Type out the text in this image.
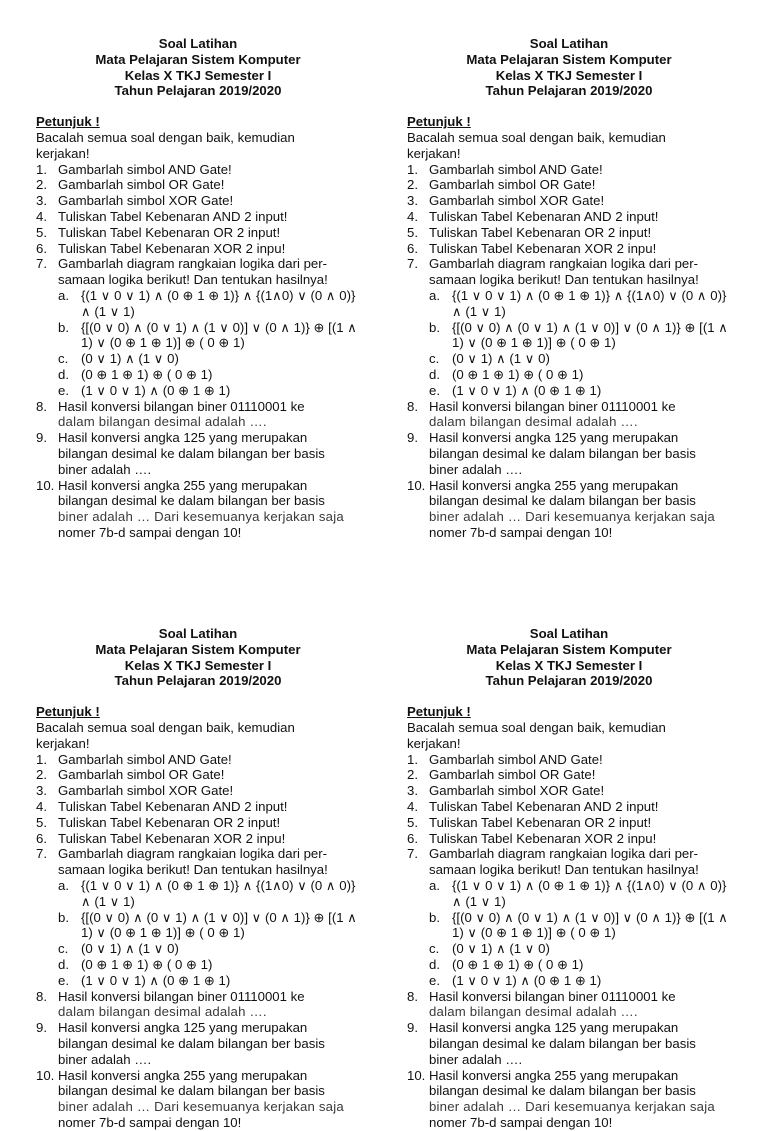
Soal Latihan
Mata Pelajaran Sistem Komputer
Kelas X TKJ Semester I
Tahun Pelajaran 2019/2020
Petunjuk !
Bacalah semua soal dengan baik, kemudian
kerjakan!
1. Gambarlah simbol AND Gate!
2. Gambarlah simbol OR Gate!
3. Gambarlah simbol XOR Gate!
4. Tuliskan Tabel Kebenaran AND 2 input!
5. Tuliskan Tabel Kebenaran OR 2 input!
6. Tuliskan Tabel Kebenaran XOR 2 inpu!
7. Gambarlah diagram rangkaian logika dari per-
samaan logika berikut! Dan tentukan hasilnya!
a. {(1 ∨ 0 ∨ 1) ∧ (0 ⊕ 1 ⊕ 1)} ∧ {(1∧0) ∨ (0 ∧ 0)}
∧ (1 ∨ 1)
b. {[(0 ∨ 0) ∧ (0 ∨ 1) ∧ (1 ∨ 0)] ∨ (0 ∧ 1)} ⊕ [(1 ∧
1) ∨ (0 ⊕ 1 ⊕ 1)] ⊕ ( 0 ⊕ 1)
c. (0 ∨ 1) ∧ (1 ∨ 0)
d. (0 ⊕ 1 ⊕ 1) ⊕ ( 0 ⊕ 1)
e. (1 ∨ 0 ∨ 1) ∧ (0 ⊕ 1 ⊕ 1)
8. Hasil konversi bilangan biner 01110001 ke
dalam bilangan desimal adalah ….
9. Hasil konversi angka 125 yang merupakan
bilangan desimal ke dalam bilangan ber basis
biner adalah ….
10. Hasil konversi angka 255 yang merupakan
bilangan desimal ke dalam bilangan ber basis
biner adalah … Dari kesemuanya kerjakan saja
nomer 7b-d sampai dengan 10!
Soal Latihan
Mata Pelajaran Sistem Komputer
Kelas X TKJ Semester I
Tahun Pelajaran 2019/2020
Petunjuk !
Bacalah semua soal dengan baik, kemudian
kerjakan!
1. Gambarlah simbol AND Gate!
2. Gambarlah simbol OR Gate!
3. Gambarlah simbol XOR Gate!
4. Tuliskan Tabel Kebenaran AND 2 input!
5. Tuliskan Tabel Kebenaran OR 2 input!
6. Tuliskan Tabel Kebenaran XOR 2 inpu!
7. Gambarlah diagram rangkaian logika dari per-
samaan logika berikut! Dan tentukan hasilnya!
a. {(1 ∨ 0 ∨ 1) ∧ (0 ⊕ 1 ⊕ 1)} ∧ {(1∧0) ∨ (0 ∧ 0)}
∧ (1 ∨ 1)
b. {[(0 ∨ 0) ∧ (0 ∨ 1) ∧ (1 ∨ 0)] ∨ (0 ∧ 1)} ⊕ [(1 ∧
1) ∨ (0 ⊕ 1 ⊕ 1)] ⊕ ( 0 ⊕ 1)
c. (0 ∨ 1) ∧ (1 ∨ 0)
d. (0 ⊕ 1 ⊕ 1) ⊕ ( 0 ⊕ 1)
e. (1 ∨ 0 ∨ 1) ∧ (0 ⊕ 1 ⊕ 1)
8. Hasil konversi bilangan biner 01110001 ke
dalam bilangan desimal adalah ….
9. Hasil konversi angka 125 yang merupakan
bilangan desimal ke dalam bilangan ber basis
biner adalah ….
10. Hasil konversi angka 255 yang merupakan
bilangan desimal ke dalam bilangan ber basis
biner adalah … Dari kesemuanya kerjakan saja
nomer 7b-d sampai dengan 10!
Soal Latihan
Mata Pelajaran Sistem Komputer
Kelas X TKJ Semester I
Tahun Pelajaran 2019/2020
Petunjuk !
Bacalah semua soal dengan baik, kemudian
kerjakan!
1. Gambarlah simbol AND Gate!
2. Gambarlah simbol OR Gate!
3. Gambarlah simbol XOR Gate!
4. Tuliskan Tabel Kebenaran AND 2 input!
5. Tuliskan Tabel Kebenaran OR 2 input!
6. Tuliskan Tabel Kebenaran XOR 2 inpu!
7. Gambarlah diagram rangkaian logika dari per-
samaan logika berikut! Dan tentukan hasilnya!
a. {(1 ∨ 0 ∨ 1) ∧ (0 ⊕ 1 ⊕ 1)} ∧ {(1∧0) ∨ (0 ∧ 0)}
∧ (1 ∨ 1)
b. {[(0 ∨ 0) ∧ (0 ∨ 1) ∧ (1 ∨ 0)] ∨ (0 ∧ 1)} ⊕ [(1 ∧
1) ∨ (0 ⊕ 1 ⊕ 1)] ⊕ ( 0 ⊕ 1)
c. (0 ∨ 1) ∧ (1 ∨ 0)
d. (0 ⊕ 1 ⊕ 1) ⊕ ( 0 ⊕ 1)
e. (1 ∨ 0 ∨ 1) ∧ (0 ⊕ 1 ⊕ 1)
8. Hasil konversi bilangan biner 01110001 ke
dalam bilangan desimal adalah ….
9. Hasil konversi angka 125 yang merupakan
bilangan desimal ke dalam bilangan ber basis
biner adalah ….
10. Hasil konversi angka 255 yang merupakan
bilangan desimal ke dalam bilangan ber basis
biner adalah … Dari kesemuanya kerjakan saja
nomer 7b-d sampai dengan 10!
Soal Latihan
Mata Pelajaran Sistem Komputer
Kelas X TKJ Semester I
Tahun Pelajaran 2019/2020
Petunjuk !
Bacalah semua soal dengan baik, kemudian
kerjakan!
1. Gambarlah simbol AND Gate!
2. Gambarlah simbol OR Gate!
3. Gambarlah simbol XOR Gate!
4. Tuliskan Tabel Kebenaran AND 2 input!
5. Tuliskan Tabel Kebenaran OR 2 input!
6. Tuliskan Tabel Kebenaran XOR 2 inpu!
7. Gambarlah diagram rangkaian logika dari per-
samaan logika berikut! Dan tentukan hasilnya!
a. {(1 ∨ 0 ∨ 1) ∧ (0 ⊕ 1 ⊕ 1)} ∧ {(1∧0) ∨ (0 ∧ 0)}
∧ (1 ∨ 1)
b. {[(0 ∨ 0) ∧ (0 ∨ 1) ∧ (1 ∨ 0)] ∨ (0 ∧ 1)} ⊕ [(1 ∧
1) ∨ (0 ⊕ 1 ⊕ 1)] ⊕ ( 0 ⊕ 1)
c. (0 ∨ 1) ∧ (1 ∨ 0)
d. (0 ⊕ 1 ⊕ 1) ⊕ ( 0 ⊕ 1)
e. (1 ∨ 0 ∨ 1) ∧ (0 ⊕ 1 ⊕ 1)
8. Hasil konversi bilangan biner 01110001 ke
dalam bilangan desimal adalah ….
9. Hasil konversi angka 125 yang merupakan
bilangan desimal ke dalam bilangan ber basis
biner adalah ….
10. Hasil konversi angka 255 yang merupakan
bilangan desimal ke dalam bilangan ber basis
biner adalah … Dari kesemuanya kerjakan saja
nomer 7b-d sampai dengan 10!
